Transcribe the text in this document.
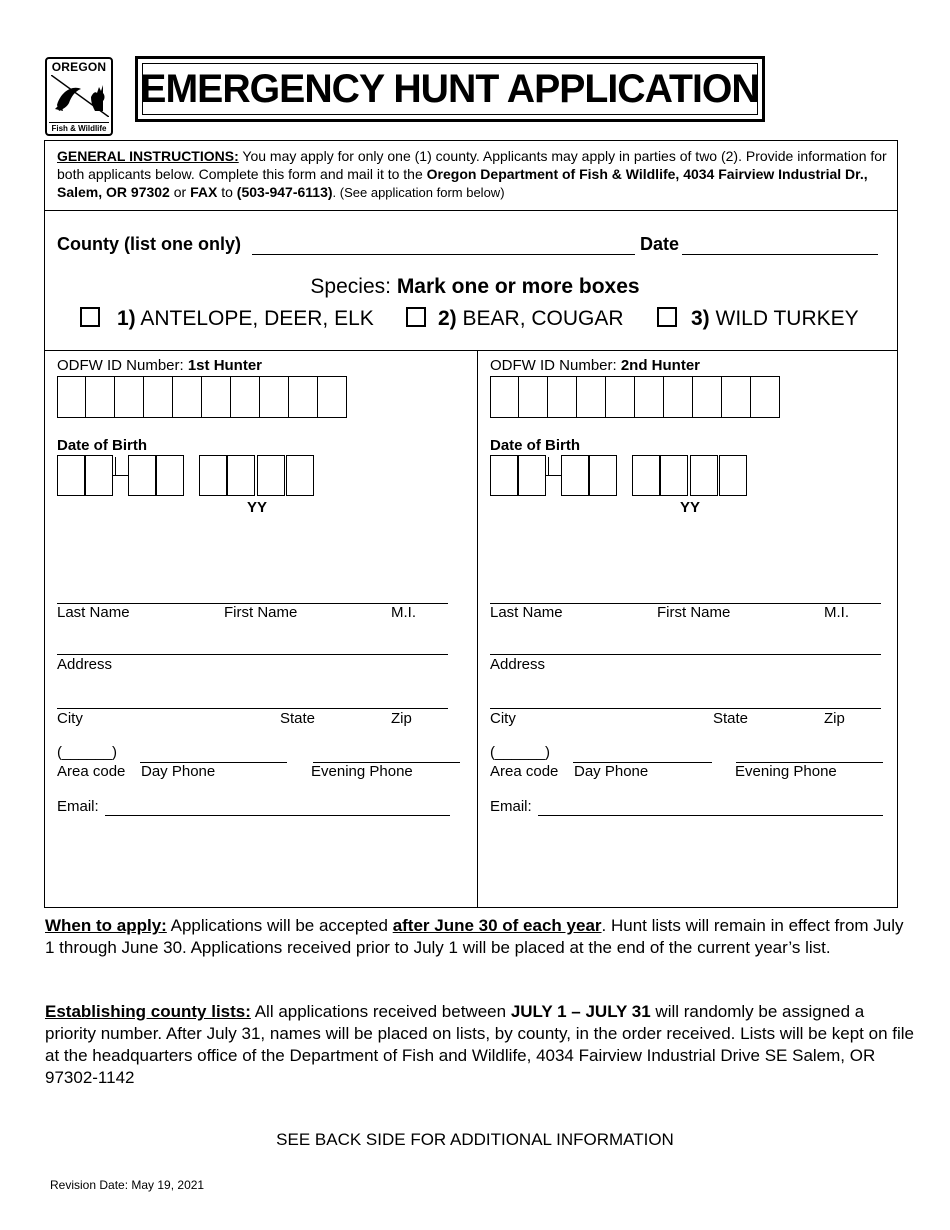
OREGON
Fish & Wildlife
EMERGENCY HUNT APPLICATION
GENERAL INSTRUCTIONS: You may apply for only one (1) county. Applicants may apply in parties of two (2). Provide information for both applicants below. Complete this form and mail it to the Oregon Department of Fish & Wildlife, 4034 Fairview Industrial Dr., Salem, OR 97302 or FAX to (503-947-6113). (See application form below)
County (list one only)	Date
Species: Mark one or more boxes
1) ANTELOPE, DEER, ELK	2) BEAR, COUGAR	3) WILD TURKEY
ODFW ID Number: 1st Hunter
Date of Birth
YY
Last Name	First Name	M.I.
Address
City	State	Zip
(______)
Area code Day Phone	Evening Phone
Email:
ODFW ID Number: 2nd Hunter
Date of Birth
YY
Last Name	First Name	M.I.
Address
City	State	Zip
(______)
Area code Day Phone	Evening Phone
Email:
When to apply: Applications will be accepted after June 30 of each year. Hunt lists will remain in effect from July 1 through June 30. Applications received prior to July 1 will be placed at the end of the current year’s list.
Establishing county lists: All applications received between JULY 1 – JULY 31 will randomly be assigned a priority number. After July 31, names will be placed on lists, by county, in the order received. Lists will be kept on file at the headquarters office of the Department of Fish and Wildlife, 4034 Fairview Industrial Drive SE Salem, OR 97302-1142
SEE BACK SIDE FOR ADDITIONAL INFORMATION
Revision Date: May 19, 2021
